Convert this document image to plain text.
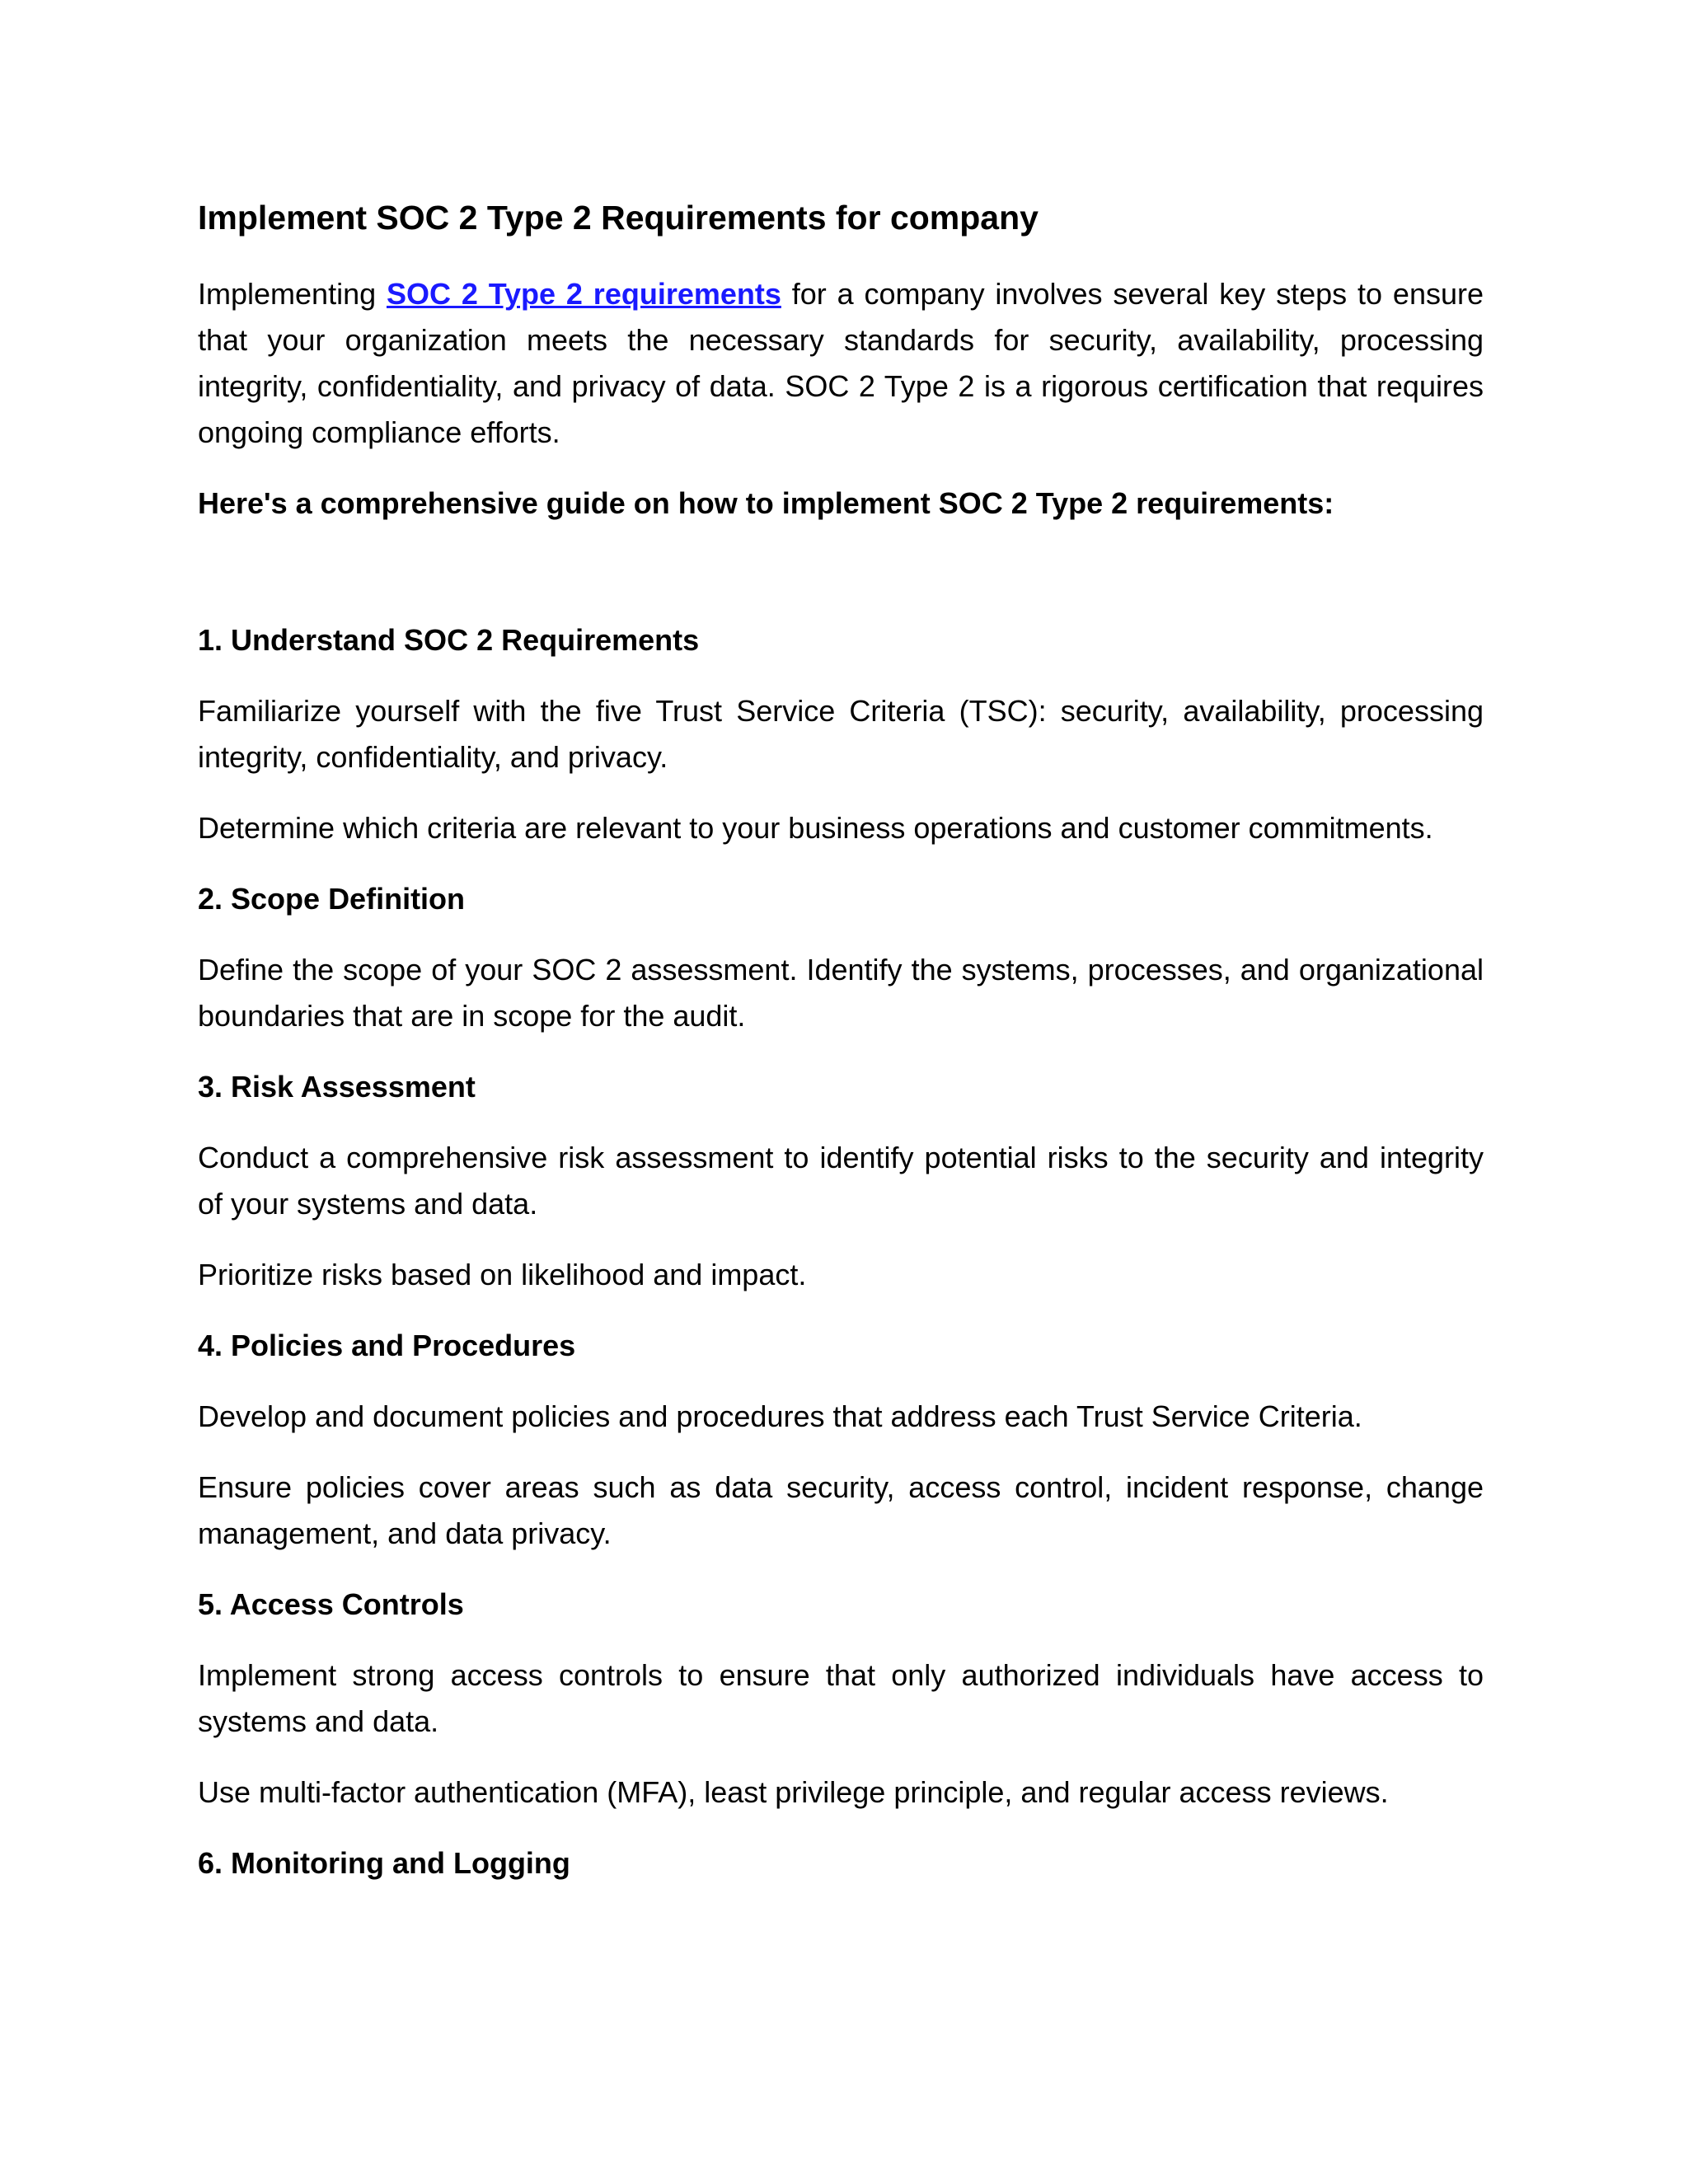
Implement SOC 2 Type 2 Requirements for company

Implementing SOC 2 Type 2 requirements for a company involves several key steps to ensure that your organization meets the necessary standards for security, availability, processing integrity, confidentiality, and privacy of data. SOC 2 Type 2 is a rigorous certification that requires ongoing compliance efforts.

Here's a comprehensive guide on how to implement SOC 2 Type 2 requirements:

1. Understand SOC 2 Requirements

Familiarize yourself with the five Trust Service Criteria (TSC): security, availability, processing integrity, confidentiality, and privacy.

Determine which criteria are relevant to your business operations and customer commitments.

2. Scope Definition

Define the scope of your SOC 2 assessment. Identify the systems, processes, and organizational boundaries that are in scope for the audit.

3. Risk Assessment

Conduct a comprehensive risk assessment to identify potential risks to the security and integrity of your systems and data.

Prioritize risks based on likelihood and impact.

4. Policies and Procedures

Develop and document policies and procedures that address each Trust Service Criteria.

Ensure policies cover areas such as data security, access control, incident response, change management, and data privacy.

5. Access Controls

Implement strong access controls to ensure that only authorized individuals have access to systems and data.

Use multi-factor authentication (MFA), least privilege principle, and regular access reviews.

6. Monitoring and Logging
